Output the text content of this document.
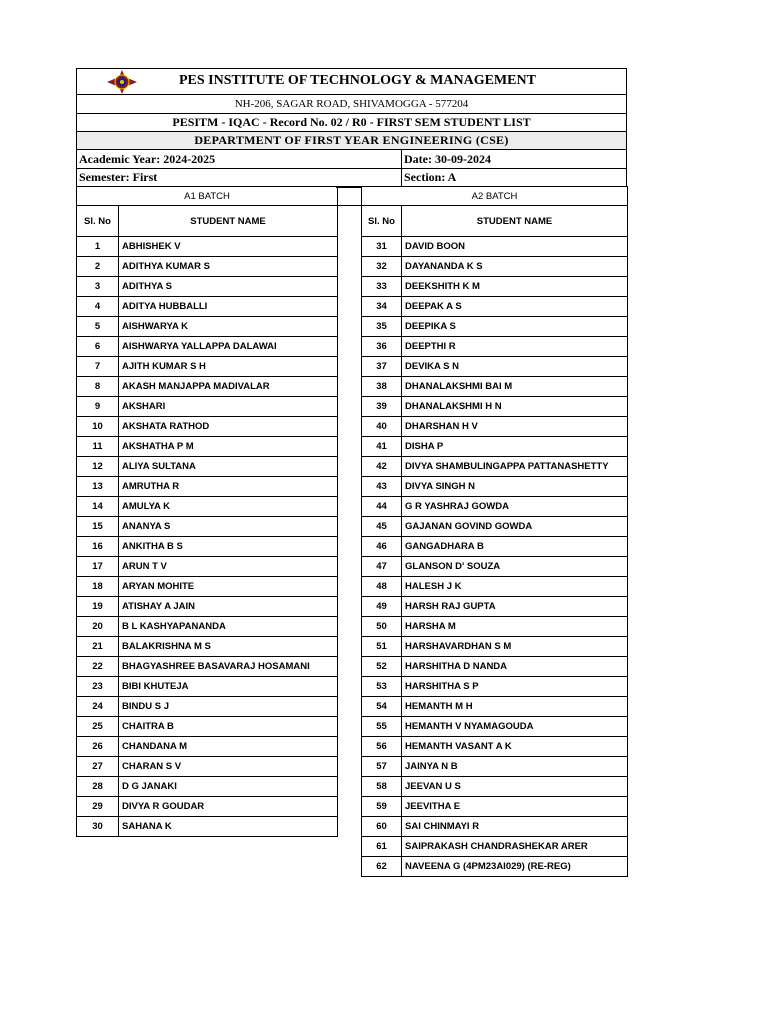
PES INSTITUTE OF TECHNOLOGY & MANAGEMENT
NH-206, SAGAR ROAD, SHIVAMOGGA - 577204
PESITM - IQAC - Record No. 02 / R0 - FIRST SEM STUDENT LIST
DEPARTMENT OF FIRST YEAR ENGINEERING (CSE)
Academic Year: 2024-2025	Date: 30-09-2024
Semester: First	Section: A
A1 BATCH	
Sl. No	STUDENT NAME
1	ABHISHEK V
2	ADITHYA KUMAR S
3	ADITHYA S
4	ADITYA HUBBALLI
5	AISHWARYA K
6	AISHWARYA YALLAPPA DALAWAI
7	AJITH KUMAR S H
8	AKASH MANJAPPA MADIVALAR
9	AKSHARI
10	AKSHATA RATHOD
11	AKSHATHA P M
12	ALIYA SULTANA
13	AMRUTHA R
14	AMULYA K
15	ANANYA S
16	ANKITHA B S
17	ARUN T V
18	ARYAN MOHITE
19	ATISHAY A JAIN
20	B L KASHYAPANANDA
21	BALAKRISHNA M S
22	BHAGYASHREE BASAVARAJ HOSAMANI
23	BIBI KHUTEJA
24	BINDU S J
25	CHAITRA B
26	CHANDANA M
27	CHARAN S V
28	D G JANAKI
29	DIVYA R GOUDAR
30	SAHANA K
A2 BATCH	
Sl. No	STUDENT NAME
31	DAVID BOON
32	DAYANANDA K S
33	DEEKSHITH K M
34	DEEPAK A S
35	DEEPIKA S
36	DEEPTHI R
37	DEVIKA S N
38	DHANALAKSHMI BAI M
39	DHANALAKSHMI H N
40	DHARSHAN H V
41	DISHA P
42	DIVYA SHAMBULINGAPPA PATTANASHETTY
43	DIVYA SINGH N
44	G R YASHRAJ GOWDA
45	GAJANAN GOVIND GOWDA
46	GANGADHARA B
47	GLANSON D' SOUZA
48	HALESH J K
49	HARSH RAJ GUPTA
50	HARSHA M
51	HARSHAVARDHAN S M
52	HARSHITHA D NANDA
53	HARSHITHA S P
54	HEMANTH M H
55	HEMANTH V NYAMAGOUDA
56	HEMANTH VASANT A K
57	JAINYA N B
58	JEEVAN U S
59	JEEVITHA E
60	SAI CHINMAYI R
61	SAIPRAKASH CHANDRASHEKAR ARER
62	NAVEENA G (4PM23AI029) (RE-REG)
